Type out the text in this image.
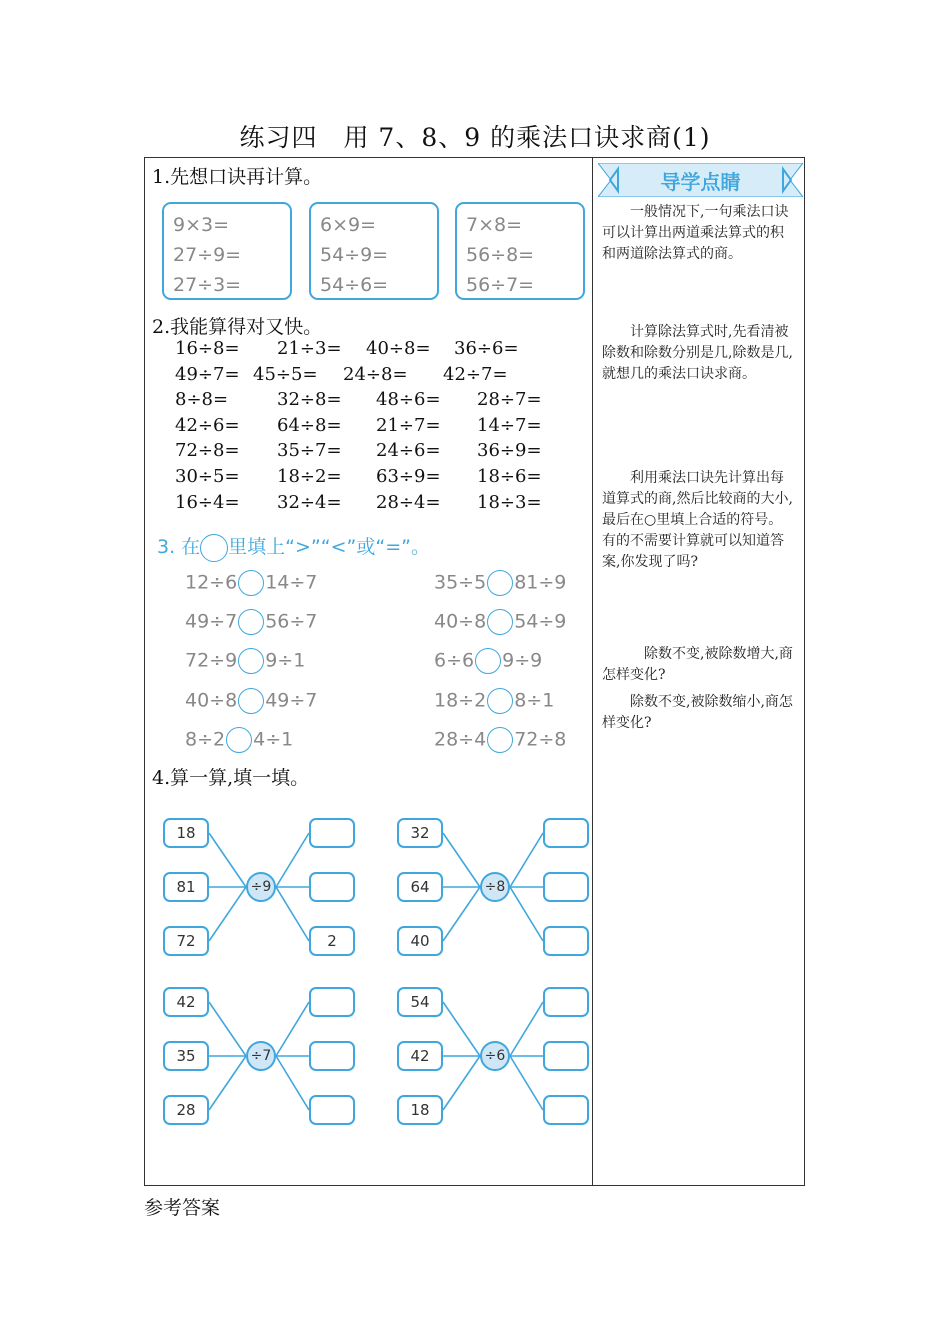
练习四　用 7、8、9 的乘法口诀求商(1)
1.先想口诀再计算。
9×3=
27÷9=
27÷3=
6×9=
54÷9=
54÷6=
7×8=
56÷8=
56÷7=
2.我能算得对又快。
16÷8= 21÷3= 40÷8= 36÷6=
49÷7= 45÷5= 24÷8= 42÷7=
8÷8=	32÷8= 48÷6= 28÷7=
42÷6= 64÷8= 21÷7= 14÷7=
72÷8= 35÷7= 24÷6= 36÷9=
30÷5= 18÷2= 63÷9= 18÷6=
16÷4= 32÷4= 28÷4= 18÷3=
3. 在 里填上“>”“<”或“=”。
12÷6 14÷7
49÷7 56÷7
72÷9 9÷1
40÷8 49÷7
8÷2 4÷1
35÷5 81÷9
40÷8 54÷9
6÷6 9÷9
18÷2 8÷1
28÷4 72÷8
4.算一算,填一填。
18
81
72	2
÷9
32
64
40
÷8
42
35
28
÷7
54
42
18
÷6
导学点睛
一般情况下,一句乘法口诀可以计算出两道乘法算式的积和两道除法算式的商。
计算除法算式时,先看清被除数和除数分别是几,除数是几,就想几的乘法口诀求商。
利用乘法口诀先计算出每道算式的商,然后比较商的大小,最后在○里填上合适的符号。有的不需要计算就可以知道答案,你发现了吗?
除数不变,被除数增大,商怎样变化?
除数不变,被除数缩小,商怎样变化?
参考答案
